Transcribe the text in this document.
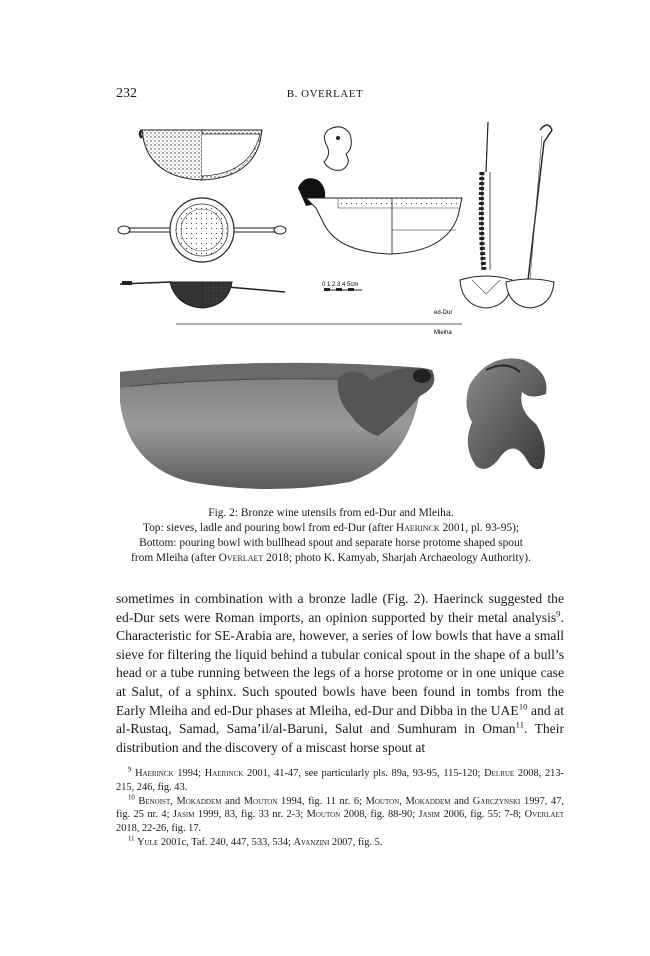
232	B. OVERLAET
0 1 2 3 4 5cm
ed-Dur
Mleiha
Fig. 2: Bronze wine utensils from ed-Dur and Mleiha.
Top: sieves, ladle and pouring bowl from ed-Dur (after Haerinck 2001, pl. 93-95);
Bottom: pouring bowl with bullhead spout and separate horse protome shaped spout
from Mleiha (after Overlaet 2018; photo K. Kamyab, Sharjah Archaeology Authority).
sometimes in combination with a bronze ladle (Fig. 2). Haerinck suggested the ed-Dur sets were Roman imports, an opinion supported by their metal analysis$^9$. Characteristic for SE-Arabia are, however, a series of low bowls that have a small sieve for filtering the liquid behind a tubular conical spout in the shape of a bull’s head or a tube running between the legs of a horse protome or in one unique case at Salut, of a sphinx. Such spouted bowls have been found in tombs from the Early Mleiha and ed-Dur phases at Mleiha, ed-Dur and Dibba in the UAE$^{10}$ and at al-Rustaq, Samad, Sama’il/al-Baruni, Salut and Sumhuram in Oman$^{11}$. Their distribution and the discovery of a miscast horse spout at

$^9$ Haerinck 1994; Haerinck 2001, 41-47, see particularly pls. 89a, 93-95, 115-120; Delrue 2008, 213-215, 246, fig. 43.

$^{10}$ Benoist, Mokaddem and Mouton 1994, fig. 11 nr. 6; Mouton, Mokaddem and Garczynski 1997, 47, fig. 25 nr. 4; Jasim 1999, 83, fig. 33 nr. 2-3; Mouton 2008, fig. 88-90; Jasim 2006, fig. 55: 7-8; Overlaet 2018, 22-26, fig. 17.

$^{11}$ Yule 2001c, Taf. 240, 447, 533, 534; Avanzini 2007, fig. 5.
